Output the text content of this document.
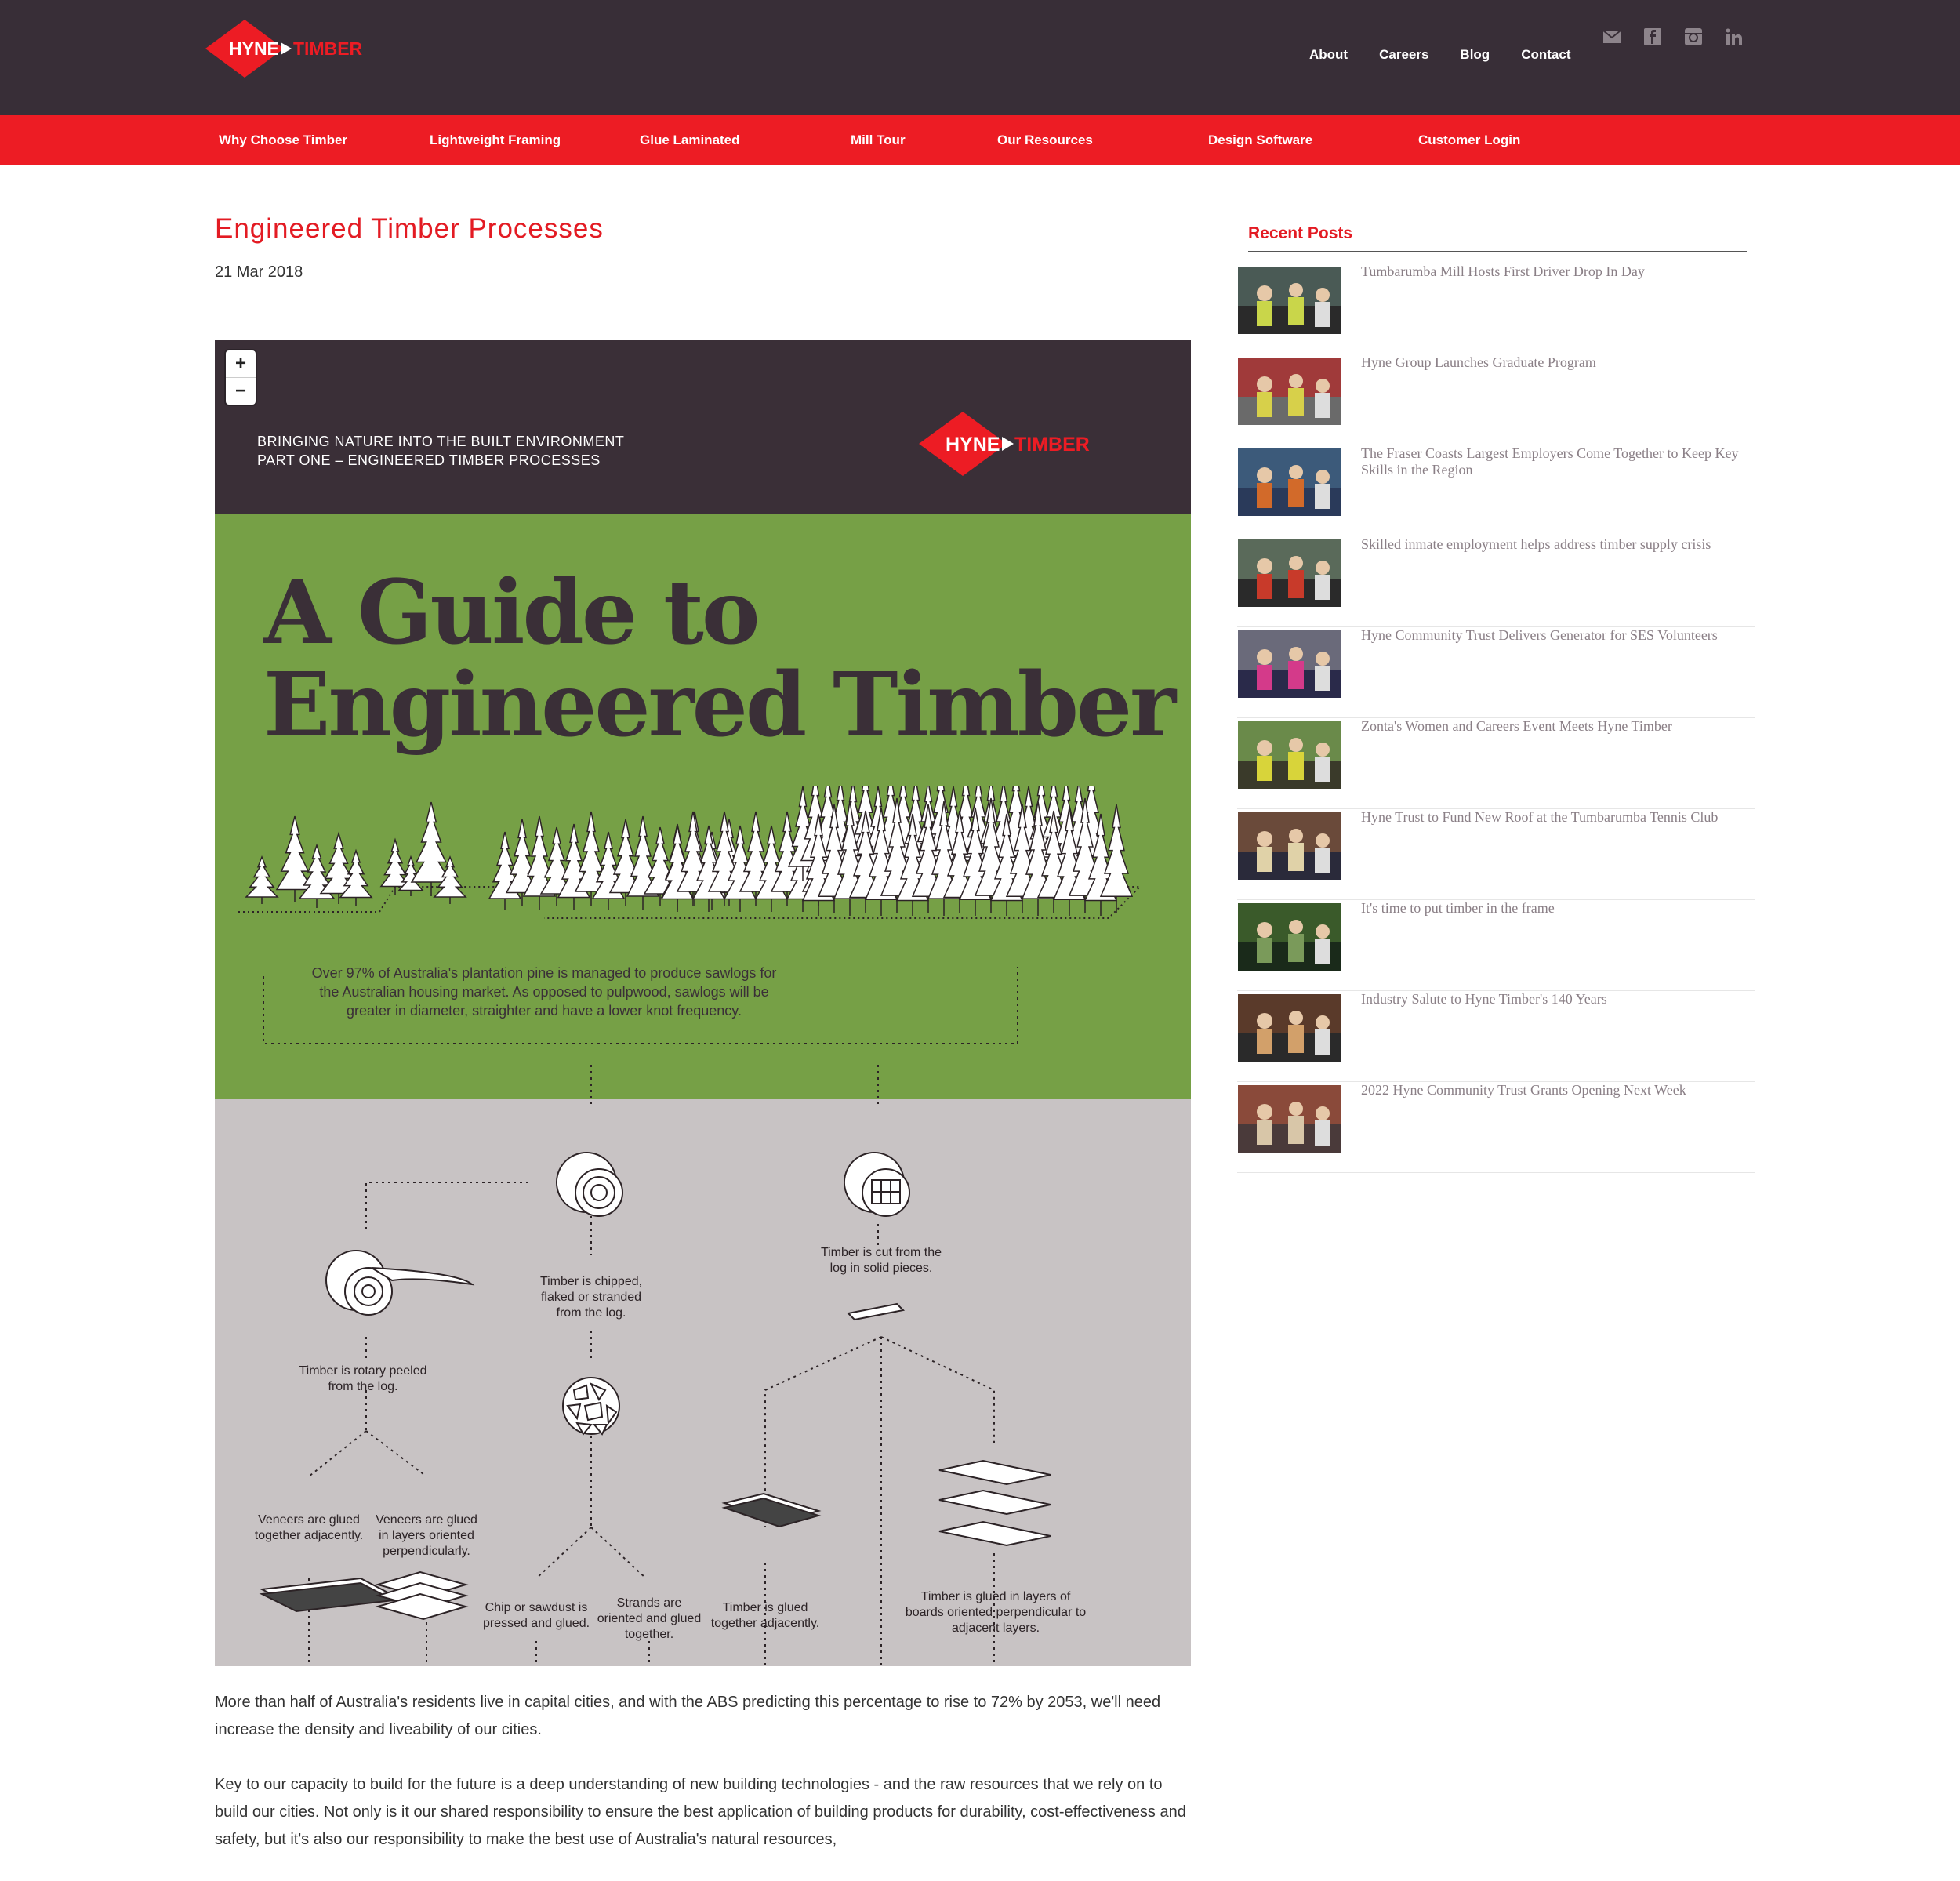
HYNE TIMBER	About Careers Blog Contact
Why Choose Timber	Lightweight Framing	Glue Laminated	Mill Tour	Our Resources	Design Software	Customer Login
Engineered Timber Processes
21 Mar 2018
+
−
BRINGING NATURE INTO THE BUILT ENVIRONMENT
PART ONE – ENGINEERED TIMBER PROCESSES
HYNE TIMBER
A Guide to
Engineered Timber
Over 97% of Australia's plantation pine is managed to produce sawlogs for the Australian housing market. As opposed to pulpwood, sawlogs will be greater in diameter, straighter and have a lower knot frequency.
Timber is chipped, flaked or stranded from the log.
Timber is cut from the log in solid pieces.
Timber is rotary peeled from the log.
Veneers are glued together adjacently.
Veneers are glued in layers oriented perpendicularly.
Chip or sawdust is pressed and glued.
Strands are oriented and glued together.
Timber is glued together adjacently.
Timber is glued in layers of boards oriented perpendicular to adjacent layers.

More than half of Australia's residents live in capital cities, and with the ABS predicting this percentage to rise to 72% by 2053, we'll need increase the density and liveability of our cities.

Key to our capacity to build for the future is a deep understanding of new building technologies - and the raw resources that we rely on to build our cities. Not only is it our shared responsibility to ensure the best application of building products for durability, cost-effectiveness and safety, but it's also our responsibility to make the best use of Australia's natural resources,

Recent Posts
Tumbarumba Mill Hosts First Driver Drop In Day
Hyne Group Launches Graduate Program
The Fraser Coasts Largest Employers Come Together to Keep Key Skills in the Region
Skilled inmate employment helps address timber supply crisis
Hyne Community Trust Delivers Generator for SES Volunteers
Zonta's Women and Careers Event Meets Hyne Timber
Hyne Trust to Fund New Roof at the Tumbarumba Tennis Club
It's time to put timber in the frame
Industry Salute to Hyne Timber's 140 Years
2022 Hyne Community Trust Grants Opening Next Week
